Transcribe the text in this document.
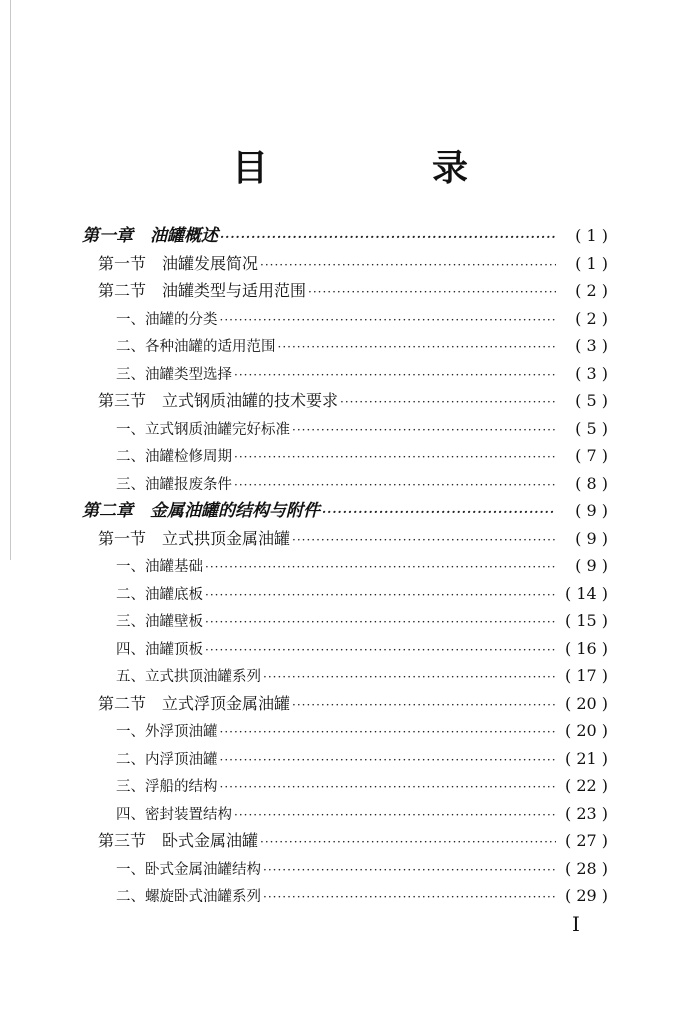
目　录
第一章　油罐概述 ·····	( 1 )
第一节　油罐发展简况 ·····	( 1 )
第二节　油罐类型与适用范围 ·····	( 2 )
一、油罐的分类 ·····	( 2 )
二、各种油罐的适用范围 ·····	( 3 )
三、油罐类型选择 ·····	( 3 )
第三节　立式钢质油罐的技术要求 ·····	( 5 )
一、立式钢质油罐完好标准 ·····	( 5 )
二、油罐检修周期 ·····	( 7 )
三、油罐报废条件 ·····	( 8 )
第二章　金属油罐的结构与附件 ·····	( 9 )
第一节　立式拱顶金属油罐 ·····	( 9 )
一、油罐基础 ·····	( 9 )
二、油罐底板 ·····	( 14 )
三、油罐壁板 ·····	( 15 )
四、油罐顶板 ·····	( 16 )
五、立式拱顶油罐系列 ·····	( 17 )
第二节　立式浮顶金属油罐 ·····	( 20 )
一、外浮顶油罐 ·····	( 20 )
二、内浮顶油罐 ·····	( 21 )
三、浮船的结构 ·····	( 22 )
四、密封装置结构 ·····	( 23 )
第三节　卧式金属油罐 ·····	( 27 )
一、卧式金属油罐结构 ·····	( 28 )
二、螺旋卧式油罐系列 ·····	( 29 )
I
